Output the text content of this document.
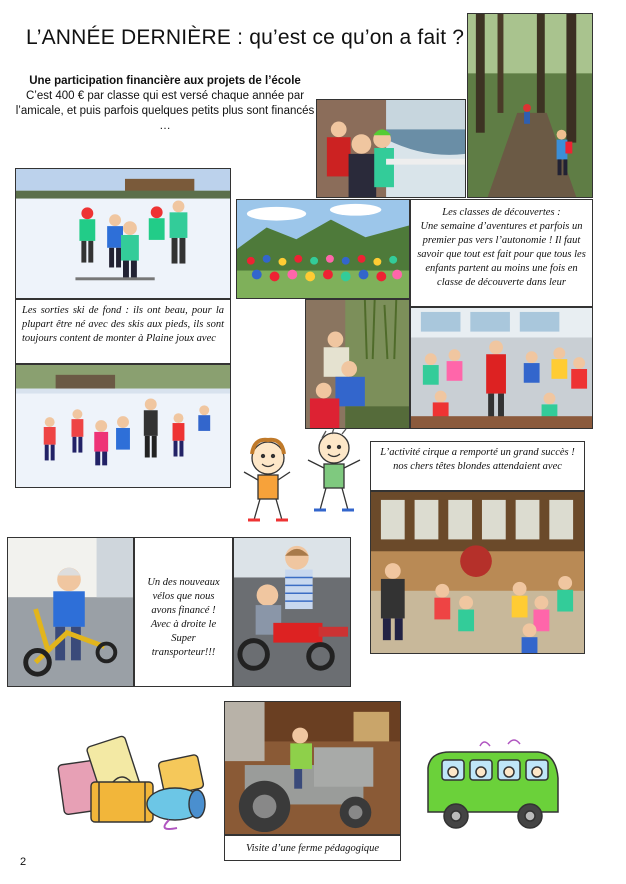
L’ANNÉE DERNIÈRE : qu’est ce qu’on a fait ?
Une participation financière aux projets de l’école
C’est 400 € par classe qui est versé chaque année par l’amicale, et puis parfois quelques petits plus sont financés …
Les sorties ski de fond : ils ont beau, pour la plupart être né avec des skis aux pieds, ils sont toujours content de monter à Plaine joux avec
Les classes de découvertes :
Une semaine d’aventures et parfois un premier pas vers l’autonomie ! Il faut savoir que tout est fait pour que tous les enfants partent au moins une fois en classe de découverte dans leur
L’activité cirque a remporté un grand succès ! nos chers têtes blondes attendaient avec
Un des nouveaux vélos que nous avons financé ! Avec à droite le Super transporteur!!!
Visite d’une ferme pédagogique
2
